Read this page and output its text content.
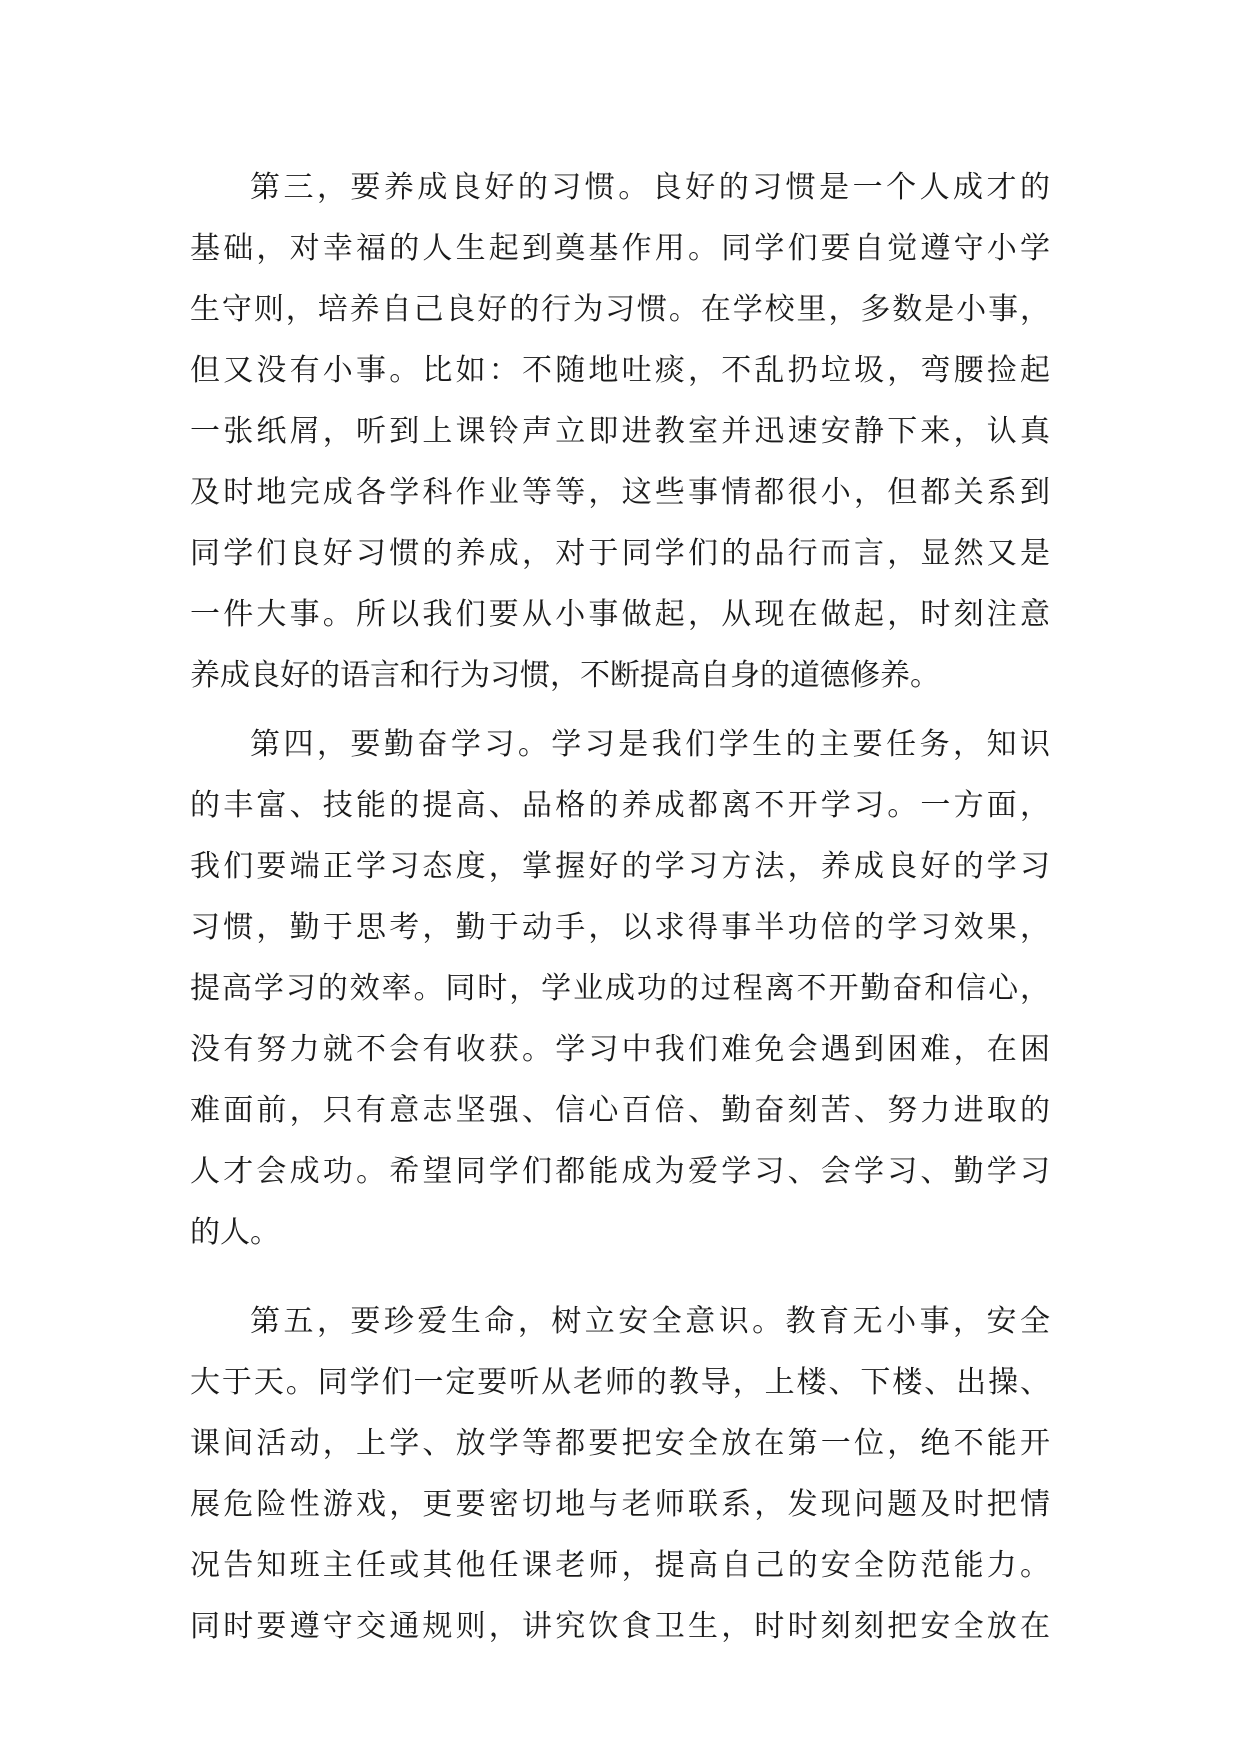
第三，要养成良好的习惯。良好的习惯是一个人成才的
基础，对幸福的人生起到奠基作用。同学们要自觉遵守小学
生守则，培养自己良好的行为习惯。在学校里，多数是小事，
但又没有小事。比如：不随地吐痰，不乱扔垃圾，弯腰捡起
一张纸屑，听到上课铃声立即进教室并迅速安静下来，认真
及时地完成各学科作业等等，这些事情都很小，但都关系到
同学们良好习惯的养成，对于同学们的品行而言，显然又是
一件大事。所以我们要从小事做起，从现在做起，时刻注意
养成良好的语言和行为习惯，不断提高自身的道德修养。
第四，要勤奋学习。学习是我们学生的主要任务，知识
的丰富、技能的提高、品格的养成都离不开学习。一方面，
我们要端正学习态度，掌握好的学习方法，养成良好的学习
习惯，勤于思考，勤于动手，以求得事半功倍的学习效果，
提高学习的效率。同时，学业成功的过程离不开勤奋和信心，
没有努力就不会有收获。学习中我们难免会遇到困难，在困
难面前，只有意志坚强、信心百倍、勤奋刻苦、努力进取的
人才会成功。希望同学们都能成为爱学习、会学习、勤学习
的人。
第五，要珍爱生命，树立安全意识。教育无小事，安全
大于天。同学们一定要听从老师的教导，上楼、下楼、出操、
课间活动，上学、放学等都要把安全放在第一位，绝不能开
展危险性游戏，更要密切地与老师联系，发现问题及时把情
况告知班主任或其他任课老师，提高自己的安全防范能力。
同时要遵守交通规则，讲究饮食卫生，时时刻刻把安全放在
